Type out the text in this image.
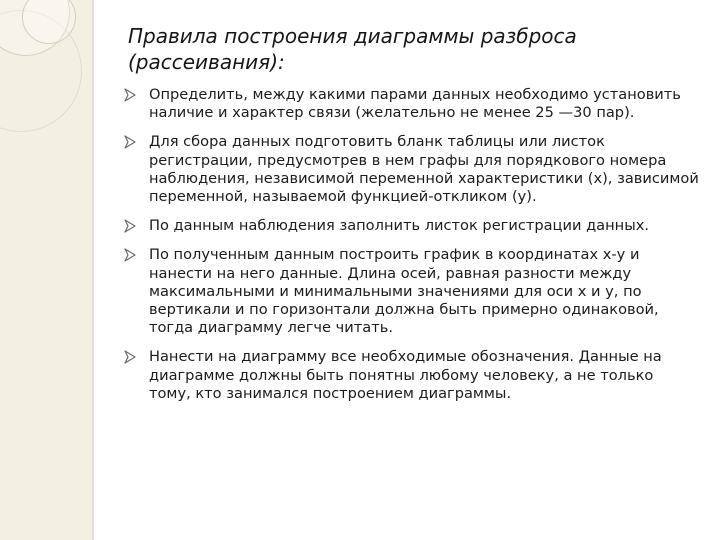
Правила построения диаграммы разброса
(рассеивания):
Определить, между какими парами данных необходимо установить наличие и характер связи (желательно не менее 25 —30 пар).
Для сбора данных подготовить бланк таблицы или листок регистрации, предусмотрев в нем графы для порядкового номера наблюдения, независимой переменной характеристики (х), зависимой переменной, называемой функцией-откликом (у).
По данным наблюдения заполнить листок регистрации данных.
По полученным данным построить график в координатах х-у и нанести на него данные. Длина осей, равная разности между максимальными и минимальными значениями для оси х и у, по вертикали и по горизонтали должна быть примерно одинаковой, тогда диаграмму легче читать.
Нанести на диаграмму все необходимые обозначения. Данные на диаграмме должны быть понятны любому человеку, а не только тому, кто занимался построением диаграммы.
